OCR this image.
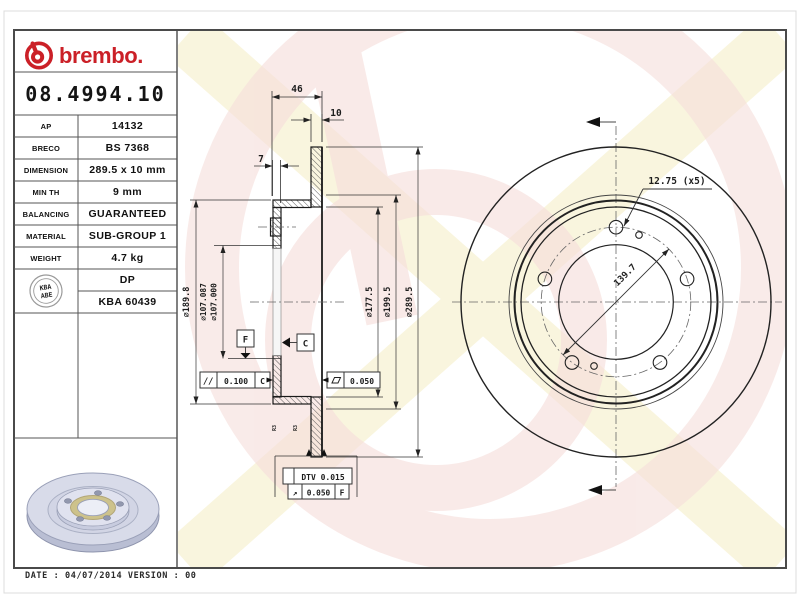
KBA
ABE
46
10
7
⌀189.8 ⌀107.087 ⌀107.000	⌀177.5 ⌀199.5 ⌀289.5
F	C
// 0.100 C	0.050
R3	R3
DTV 0.015
↗ 0.050 F
12.75 (x5)
139.7
brembo.
08.4994.10
AP	14132
BRECO	BS 7368
DIMENSION	289.5 x 10 mm
MIN TH	9 mm
BALANCING	GUARANTEED
MATERIAL	SUB-GROUP 1
WEIGHT	4.7 kg
DP
KBA 60439
DATE : 04/07/2014 VERSION : 00
